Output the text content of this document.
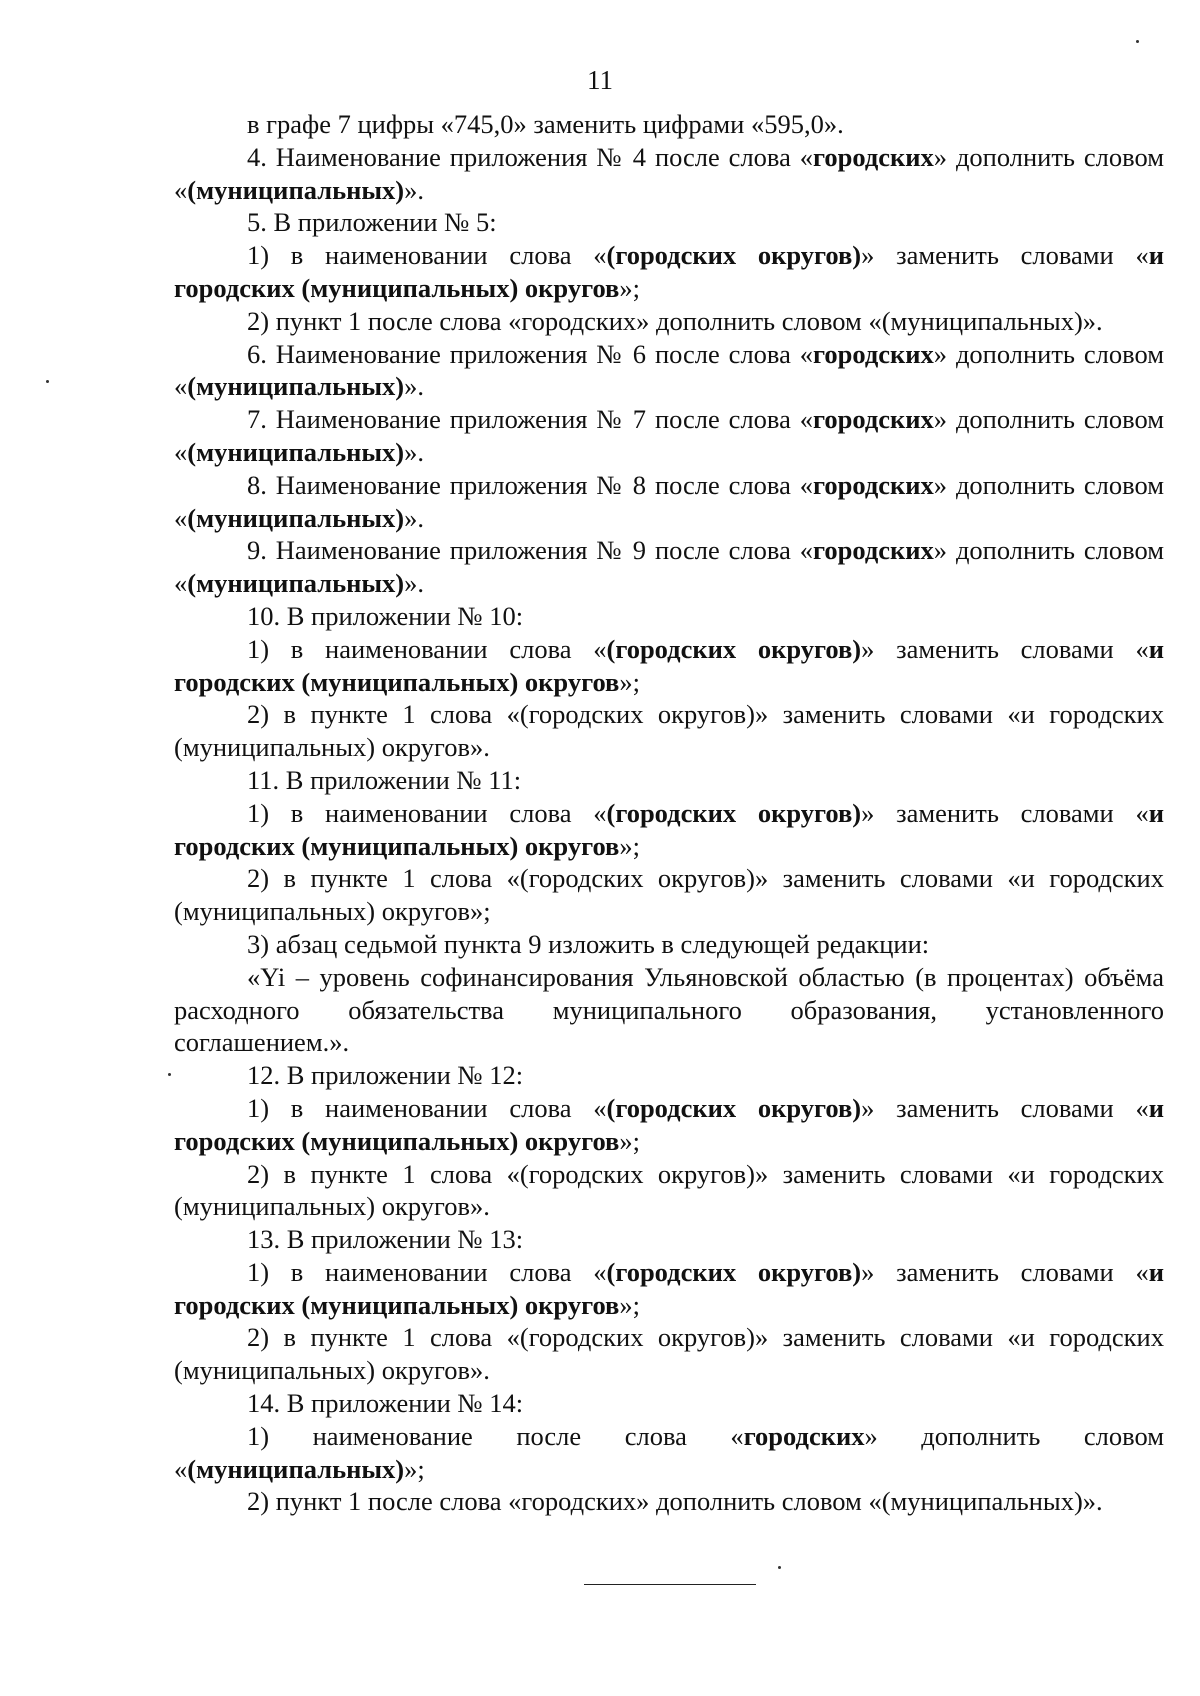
11

в графе 7 цифры «745,0» заменить цифрами «595,0».

4. Наименование приложения № 4 после слова «городских» дополнить словом «(муниципальных)».

5. В приложении № 5:

1) в наименовании слова «(городских округов)» заменить словами «и городских (муниципальных) округов»;

2) пункт 1 после слова «городских» дополнить словом «(муниципальных)».

6. Наименование приложения № 6 после слова «городских» дополнить словом «(муниципальных)».

7. Наименование приложения № 7 после слова «городских» дополнить словом «(муниципальных)».

8. Наименование приложения № 8 после слова «городских» дополнить словом «(муниципальных)».

9. Наименование приложения № 9 после слова «городских» дополнить словом «(муниципальных)».

10. В приложении № 10:

1) в наименовании слова «(городских округов)» заменить словами «и городских (муниципальных) округов»;

2) в пункте 1 слова «(городских округов)» заменить словами «и городских (муниципальных) округов».

11. В приложении № 11:

1) в наименовании слова «(городских округов)» заменить словами «и городских (муниципальных) округов»;

2) в пункте 1 слова «(городских округов)» заменить словами «и городских (муниципальных) округов»;

3) абзац седьмой пункта 9 изложить в следующей редакции:

«Yi – уровень софинансирования Ульяновской областью (в процентах) объёма расходного обязательства муниципального образования, установленного соглашением.».

12. В приложении № 12:

1) в наименовании слова «(городских округов)» заменить словами «и городских (муниципальных) округов»;

2) в пункте 1 слова «(городских округов)» заменить словами «и городских (муниципальных) округов».

13. В приложении № 13:

1) в наименовании слова «(городских округов)» заменить словами «и городских (муниципальных) округов»;

2) в пункте 1 слова «(городских округов)» заменить словами «и городских (муниципальных) округов».

14. В приложении № 14:

1) наименование после слова «городских» дополнить словом «(муниципальных)»;

2) пункт 1 после слова «городских» дополнить словом «(муниципальных)».
